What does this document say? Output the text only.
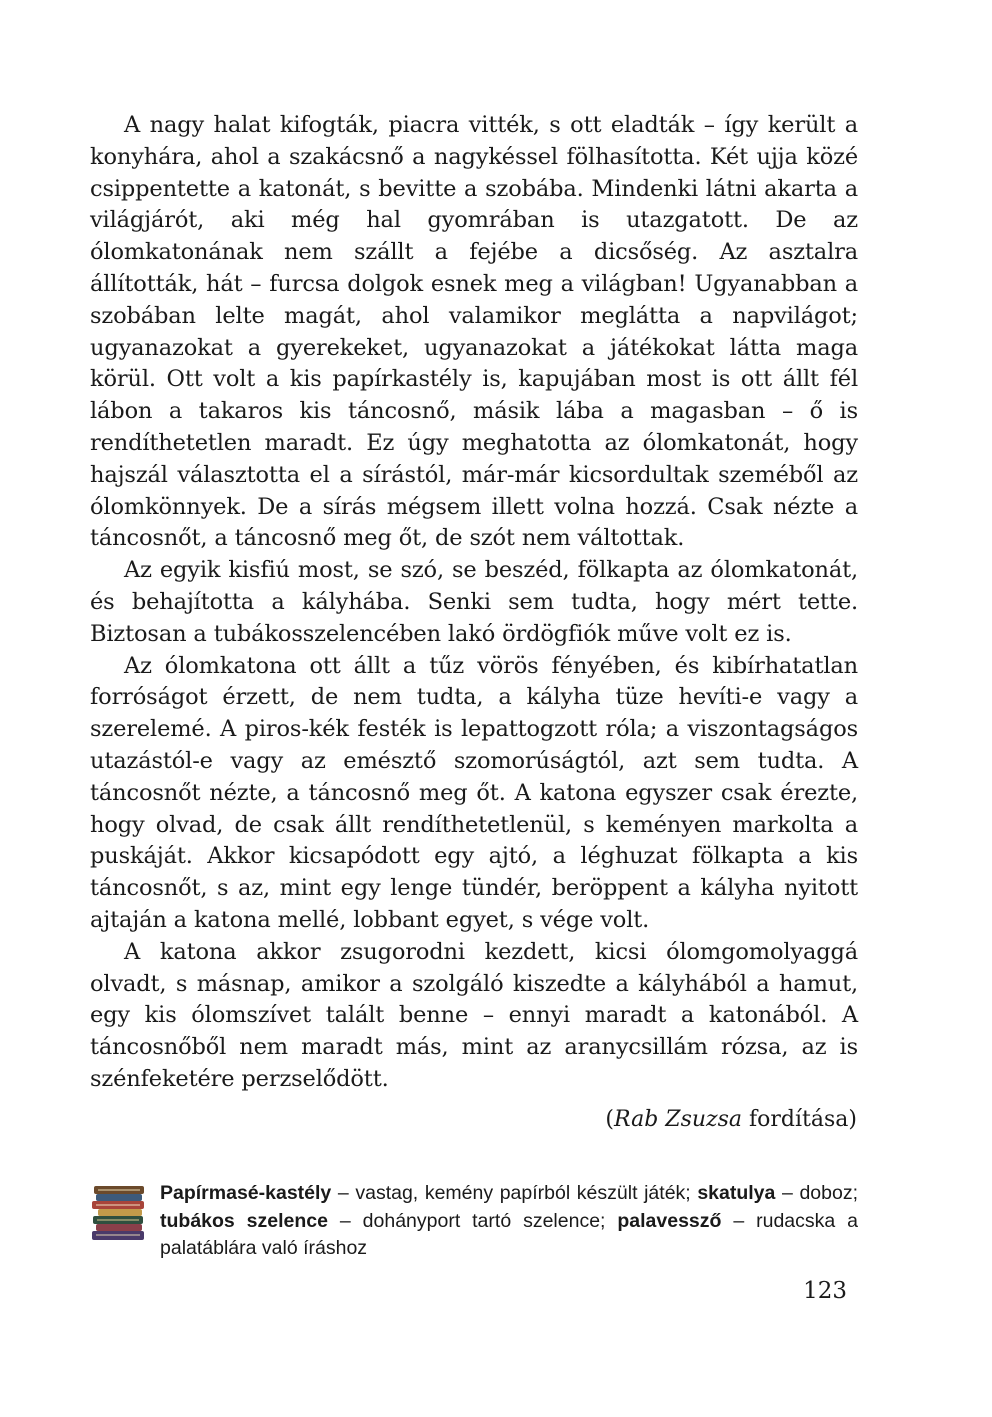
A nagy halat kifogták, piacra vitték, s ott eladták – így került a konyhára, ahol a szakácsnő a nagykéssel fölhasította. Két ujja közé csippentette a katonát, s bevitte a szobába. Mindenki látni akarta a világjárót, aki még hal gyomrában is utazgatott. De az ólomkatonának nem szállt a fejébe a dicsőség. Az asztalra állították, hát – furcsa dolgok esnek meg a világban! Ugyanabban a szobában lelte magát, ahol valamikor meglátta a napvilágot; ugyanazokat a gyerekeket, ugyanazokat a játékokat látta maga körül. Ott volt a kis papírkastély is, kapujában most is ott állt fél lábon a takaros kis táncosnő, másik lába a magasban – ő is rendíthetetlen maradt. Ez úgy meghatotta az ólomkatonát, hogy hajszál választotta el a sírástól, már-már kicsordultak szeméből az ólomkönnyek. De a sírás mégsem illett volna hozzá. Csak nézte a táncosnőt, a táncosnő meg őt, de szót nem váltottak.

Az egyik kisfiú most, se szó, se beszéd, fölkapta az ólomkatonát, és behajította a kályhába. Senki sem tudta, hogy mért tette. Biztosan a tubákosszelencében lakó ördögfiók műve volt ez is.

Az ólomkatona ott állt a tűz vörös fényében, és kibírhatatlan forróságot érzett, de nem tudta, a kályha tüze hevíti-e vagy a szerelemé. A piros-kék festék is lepattogzott róla; a viszontagságos utazástól-e vagy az emésztő szomorúságtól, azt sem tudta. A táncosnőt nézte, a táncosnő meg őt. A katona egyszer csak érezte, hogy olvad, de csak állt rendíthetetlenül, s keményen markolta a puskáját. Akkor kicsapódott egy ajtó, a léghuzat fölkapta a kis táncosnőt, s az, mint egy lenge tündér, beröppent a kályha nyitott ajtaján a katona mellé, lobbant egyet, s vége volt.

A katona akkor zsugorodni kezdett, kicsi ólomgomolyaggá olvadt, s másnap, amikor a szolgáló kiszedte a kályhából a hamut, egy kis ólomszívet talált benne – ennyi maradt a katonából. A táncosnőből nem maradt más, mint az aranycsillám rózsa, az is szénfeketére perzselődött.

(Rab Zsuzsa fordítása)
Papírmasé-kastély – vastag, kemény papírból készült játék; skatulya – doboz; tubákos szelence – dohányport tartó szelence; palavessző – rudacska a palatáblára való íráshoz
123
